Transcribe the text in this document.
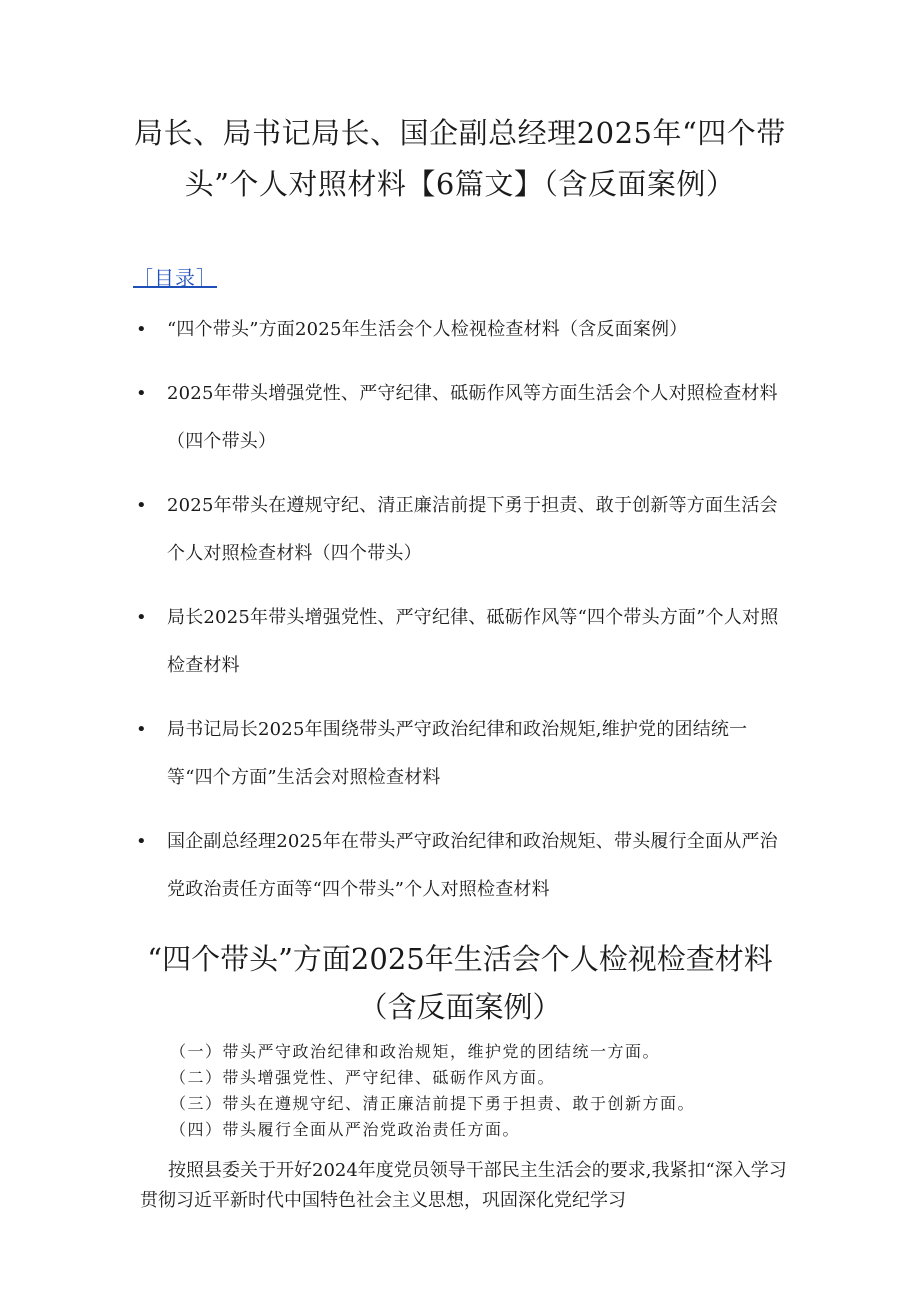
局长、局书记局长、国企副总经理2025年“四个带头”个人对照材料【6篇文】（含反面案例）
［目录］
• “四个带头”方面2025年生活会个人检视检查材料（含反面案例）
• 2025年带头增强党性、严守纪律、砥砺作风等方面生活会个人对照检查材料（四个带头）
• 2025年带头在遵规守纪、清正廉洁前提下勇于担责、敢于创新等方面生活会个人对照检查材料（四个带头）
• 局长2025年带头增强党性、严守纪律、砥砺作风等“四个带头方面”个人对照检查材料
• 局书记局长2025年围绕带头严守政治纪律和政治规矩,维护党的团结统一等“四个方面”生活会对照检查材料
• 国企副总经理2025年在带头严守政治纪律和政治规矩、带头履行全面从严治党政治责任方面等“四个带头”个人对照检查材料
“四个带头”方面2025年生活会个人检视检查材料
（含反面案例）
（一）带头严守政治纪律和政治规矩，维护党的团结统一方面。
（二）带头增强党性、严守纪律、砥砺作风方面。
（三）带头在遵规守纪、清正廉洁前提下勇于担责、敢于创新方面。
（四）带头履行全面从严治党政治责任方面。
按照县委关于开好2024年度党员领导干部民主生活会的要求,我紧扣“深入学习贯彻习近平新时代中国特色社会主义思想，巩固深化党纪学习
